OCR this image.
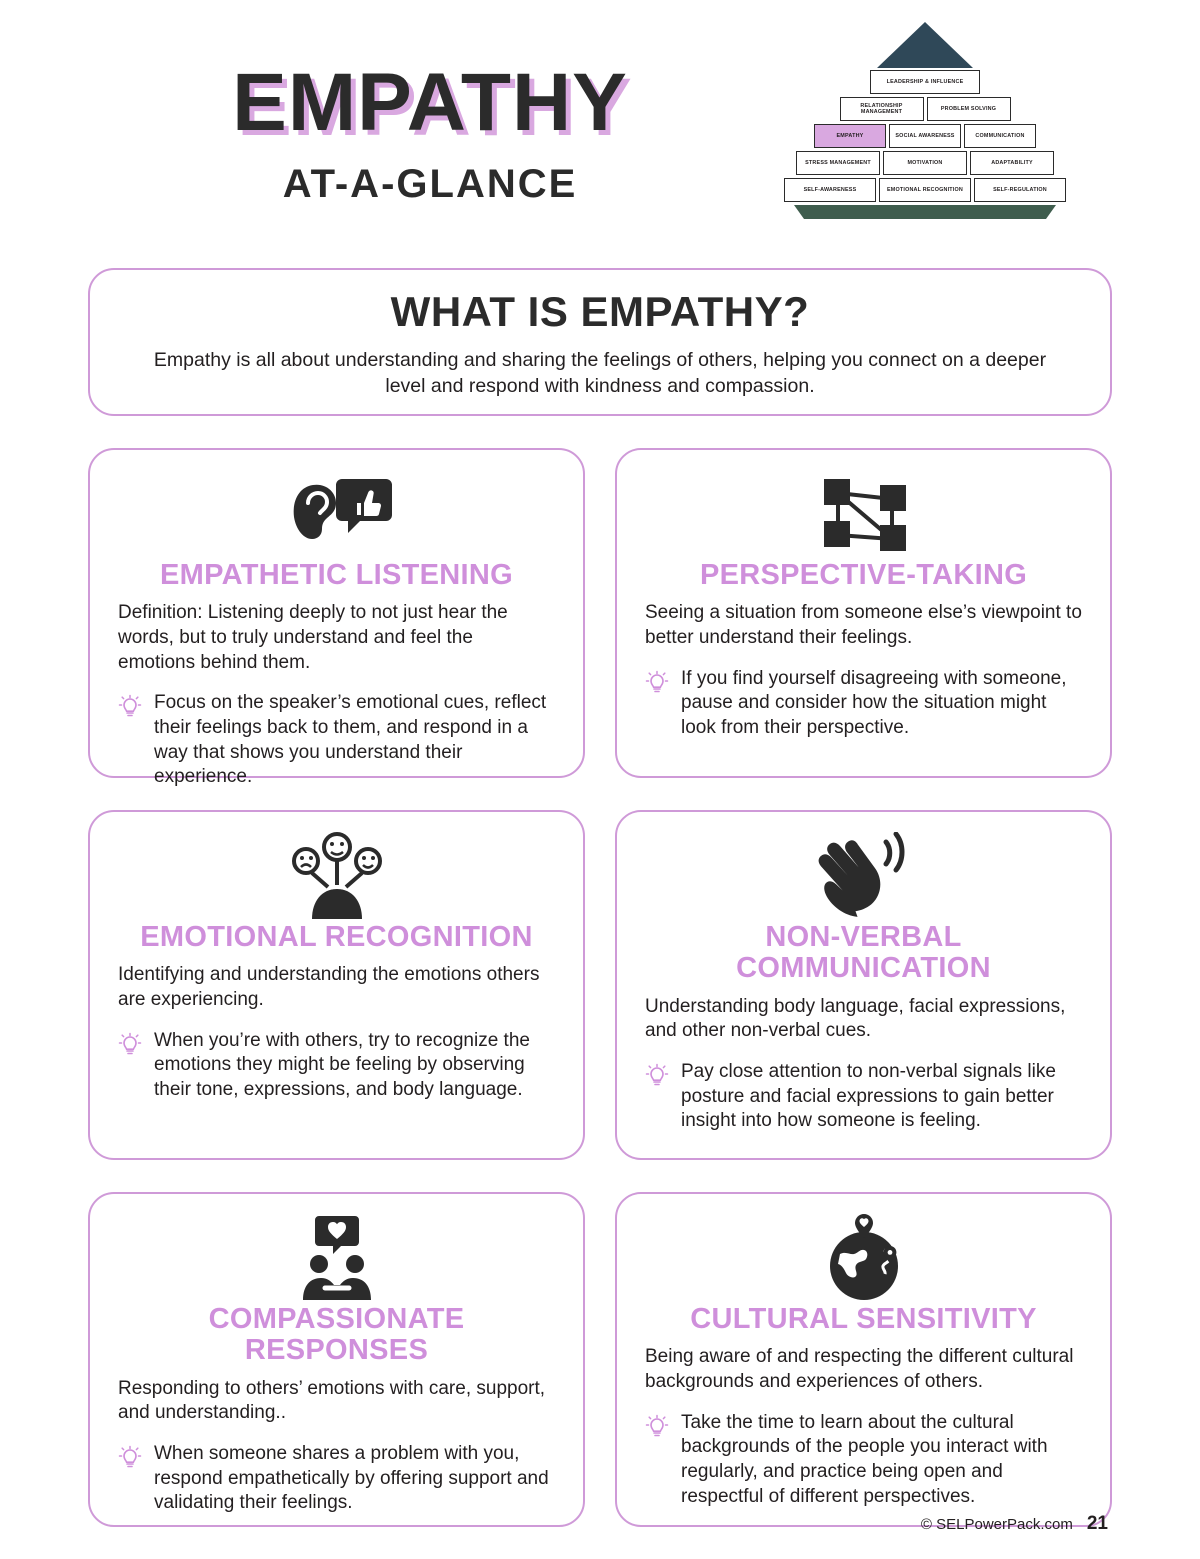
EMPATHY
AT-A-GLANCE
LEADERSHIP & INFLUENCE
RELATIONSHIP MANAGEMENT
PROBLEM SOLVING
EMPATHY	SOCIAL AWARENESS	COMMUNICATION
STRESS MANAGEMENT	MOTIVATION	ADAPTABILITY
SELF-AWARENESS	EMOTIONAL RECOGNITION	SELF-REGULATION
WHAT IS EMPATHY?

Empathy is all about understanding and sharing the feelings of others, helping you connect on a deeper level and respond with kindness and compassion.

EMPATHETIC LISTENING
Definition: Listening deeply to not just hear the words, but to truly understand and feel the emotions behind them.
Focus on the speaker’s emotional cues, reflect their feelings back to them, and respond in a way that shows you understand their experience.
PERSPECTIVE-TAKING
Seeing a situation from someone else’s viewpoint to better understand their feelings.
If you find yourself disagreeing with someone, pause and consider how the situation might look from their perspective.
EMOTIONAL RECOGNITION
Identifying and understanding the emotions others are experiencing.
When you’re with others, try to recognize the emotions they might be feeling by observing their tone, expressions, and body language.
NON-VERBAL COMMUNICATION
Understanding body language, facial expressions, and other non-verbal cues.
Pay close attention to non-verbal signals like posture and facial expressions to gain better insight into how someone is feeling.
COMPASSIONATE RESPONSES
Responding to others’ emotions with care, support, and understanding..
When someone shares a problem with you, respond empathetically by offering support and validating their feelings.
CULTURAL SENSITIVITY
Being aware of and respecting the different cultural backgrounds and experiences of others.
Take the time to learn about the cultural backgrounds of the people you interact with regularly, and practice being open and respectful of different perspectives.
© SELPowerPack.com 21
